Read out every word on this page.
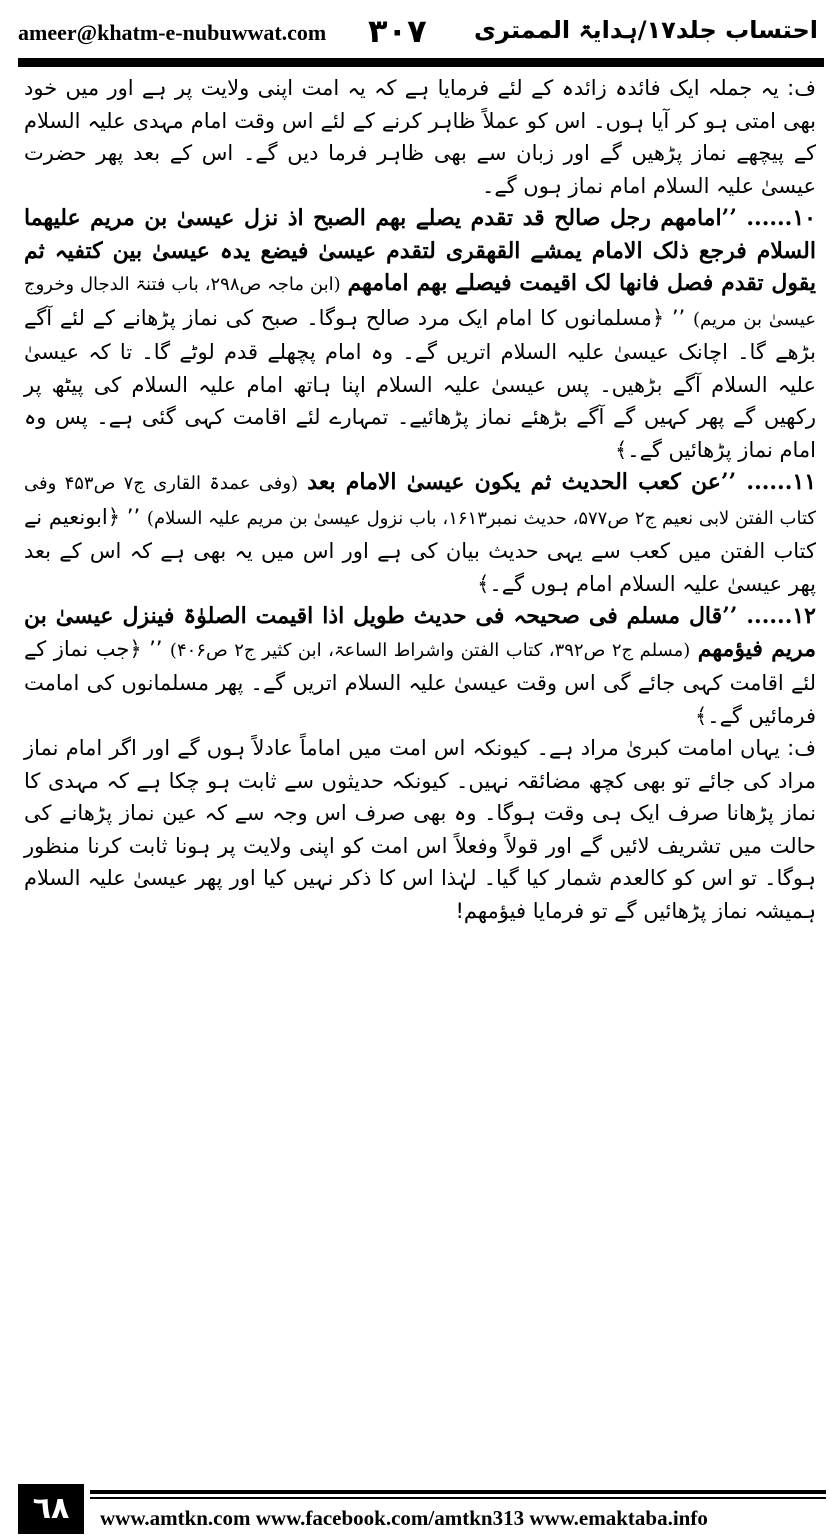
ameer@khatm-e-nubuwwat.com ٣٠٧ احتساب جلد۱۷/ہدایۃ الممتری

ف: یہ جملہ ایک فائدہ زائدہ کے لئے فرمایا ہے کہ یہ امت اپنی ولایت پر ہے اور میں خود بھی امتی ہو کر آیا ہوں۔ اس کو عملاً ظاہر کرنے کے لئے اس وقت امام مہدی علیہ السلام کے پیچھے نماز پڑھیں گے اور زبان سے بھی ظاہر فرما دیں گے۔ اس کے بعد پھر حضرت عیسیٰ علیہ السلام امام نماز ہوں گے۔

۱۰...... ’’امامھم رجل صالح قد تقدم یصلے بھم الصبح اذ نزل عیسیٰ بن مریم علیھما السلام فرجع ذلک الامام یمشے القھقری لتقدم عیسیٰ فیضع یدہ عیسیٰ بین کتفیہ ثم یقول تقدم فصل فانھا لک اقیمت فیصلے بھم امامھم (ابن ماجہ ص۲۹۸، باب فتنۃ الدجال وخروج عیسیٰ بن مریم) ’’ ﴿مسلمانوں کا امام ایک مرد صالح ہوگا۔ صبح کی نماز پڑھانے کے لئے آگے بڑھے گا۔ اچانک عیسیٰ علیہ السلام اتریں گے۔ وہ امام پچھلے قدم لوٹے گا۔ تا کہ عیسیٰ علیہ السلام آگے بڑھیں۔ پس عیسیٰ علیہ السلام اپنا ہاتھ امام علیہ السلام کی پیٹھ پر رکھیں گے پھر کہیں گے آگے بڑھئے نماز پڑھائیے۔ تمہارے لئے اقامت کہی گئی ہے۔ پس وہ امام نماز پڑھائیں گے۔﴾

۱۱...... ’’عن کعب الحدیث ثم یکون عیسیٰ الامام بعد (وفی عمدۃ القاری ج۷ ص۴۵۳ وفی کتاب الفتن لابی نعیم ج۲ ص۵۷۷، حدیث نمبر۱۶۱۳، باب نزول عیسیٰ بن مریم علیہ السلام) ’’ ﴿ابونعیم نے کتاب الفتن میں کعب سے یہی حدیث بیان کی ہے اور اس میں یہ بھی ہے کہ اس کے بعد پھر عیسیٰ علیہ السلام امام ہوں گے۔﴾

۱۲...... ’’قال مسلم فی صحیحہ فی حدیث طویل اذا اقیمت الصلوٰۃ فینزل عیسیٰ بن مریم فیؤمھم (مسلم ج۲ ص۳۹۲، کتاب الفتن واشراط الساعۃ، ابن کثیر ج۲ ص۴۰۶) ’’ ﴿جب نماز کے لئے اقامت کہی جائے گی اس وقت عیسیٰ علیہ السلام اتریں گے۔ پھر مسلمانوں کی امامت فرمائیں گے۔﴾

ف: یہاں امامت کبریٰ مراد ہے۔ کیونکہ اس امت میں اماماً عادلاً ہوں گے اور اگر امام نماز مراد کی جائے تو بھی کچھ مضائقہ نہیں۔ کیونکہ حدیثوں سے ثابت ہو چکا ہے کہ مہدی کا نماز پڑھانا صرف ایک ہی وقت ہوگا۔ وہ بھی صرف اس وجہ سے کہ عین نماز پڑھانے کی حالت میں تشریف لائیں گے اور قولاً وفعلاً اس امت کو اپنی ولایت پر ہونا ثابت کرنا منظور ہوگا۔ تو اس کو کالعدم شمار کیا گیا۔ لہٰذا اس کا ذکر نہیں کیا اور پھر عیسیٰ علیہ السلام ہمیشہ نماز پڑھائیں گے تو فرمایا فیؤمھم!

٦٨	www.amtkn.com www.facebook.com/amtkn313 www.emaktaba.info
